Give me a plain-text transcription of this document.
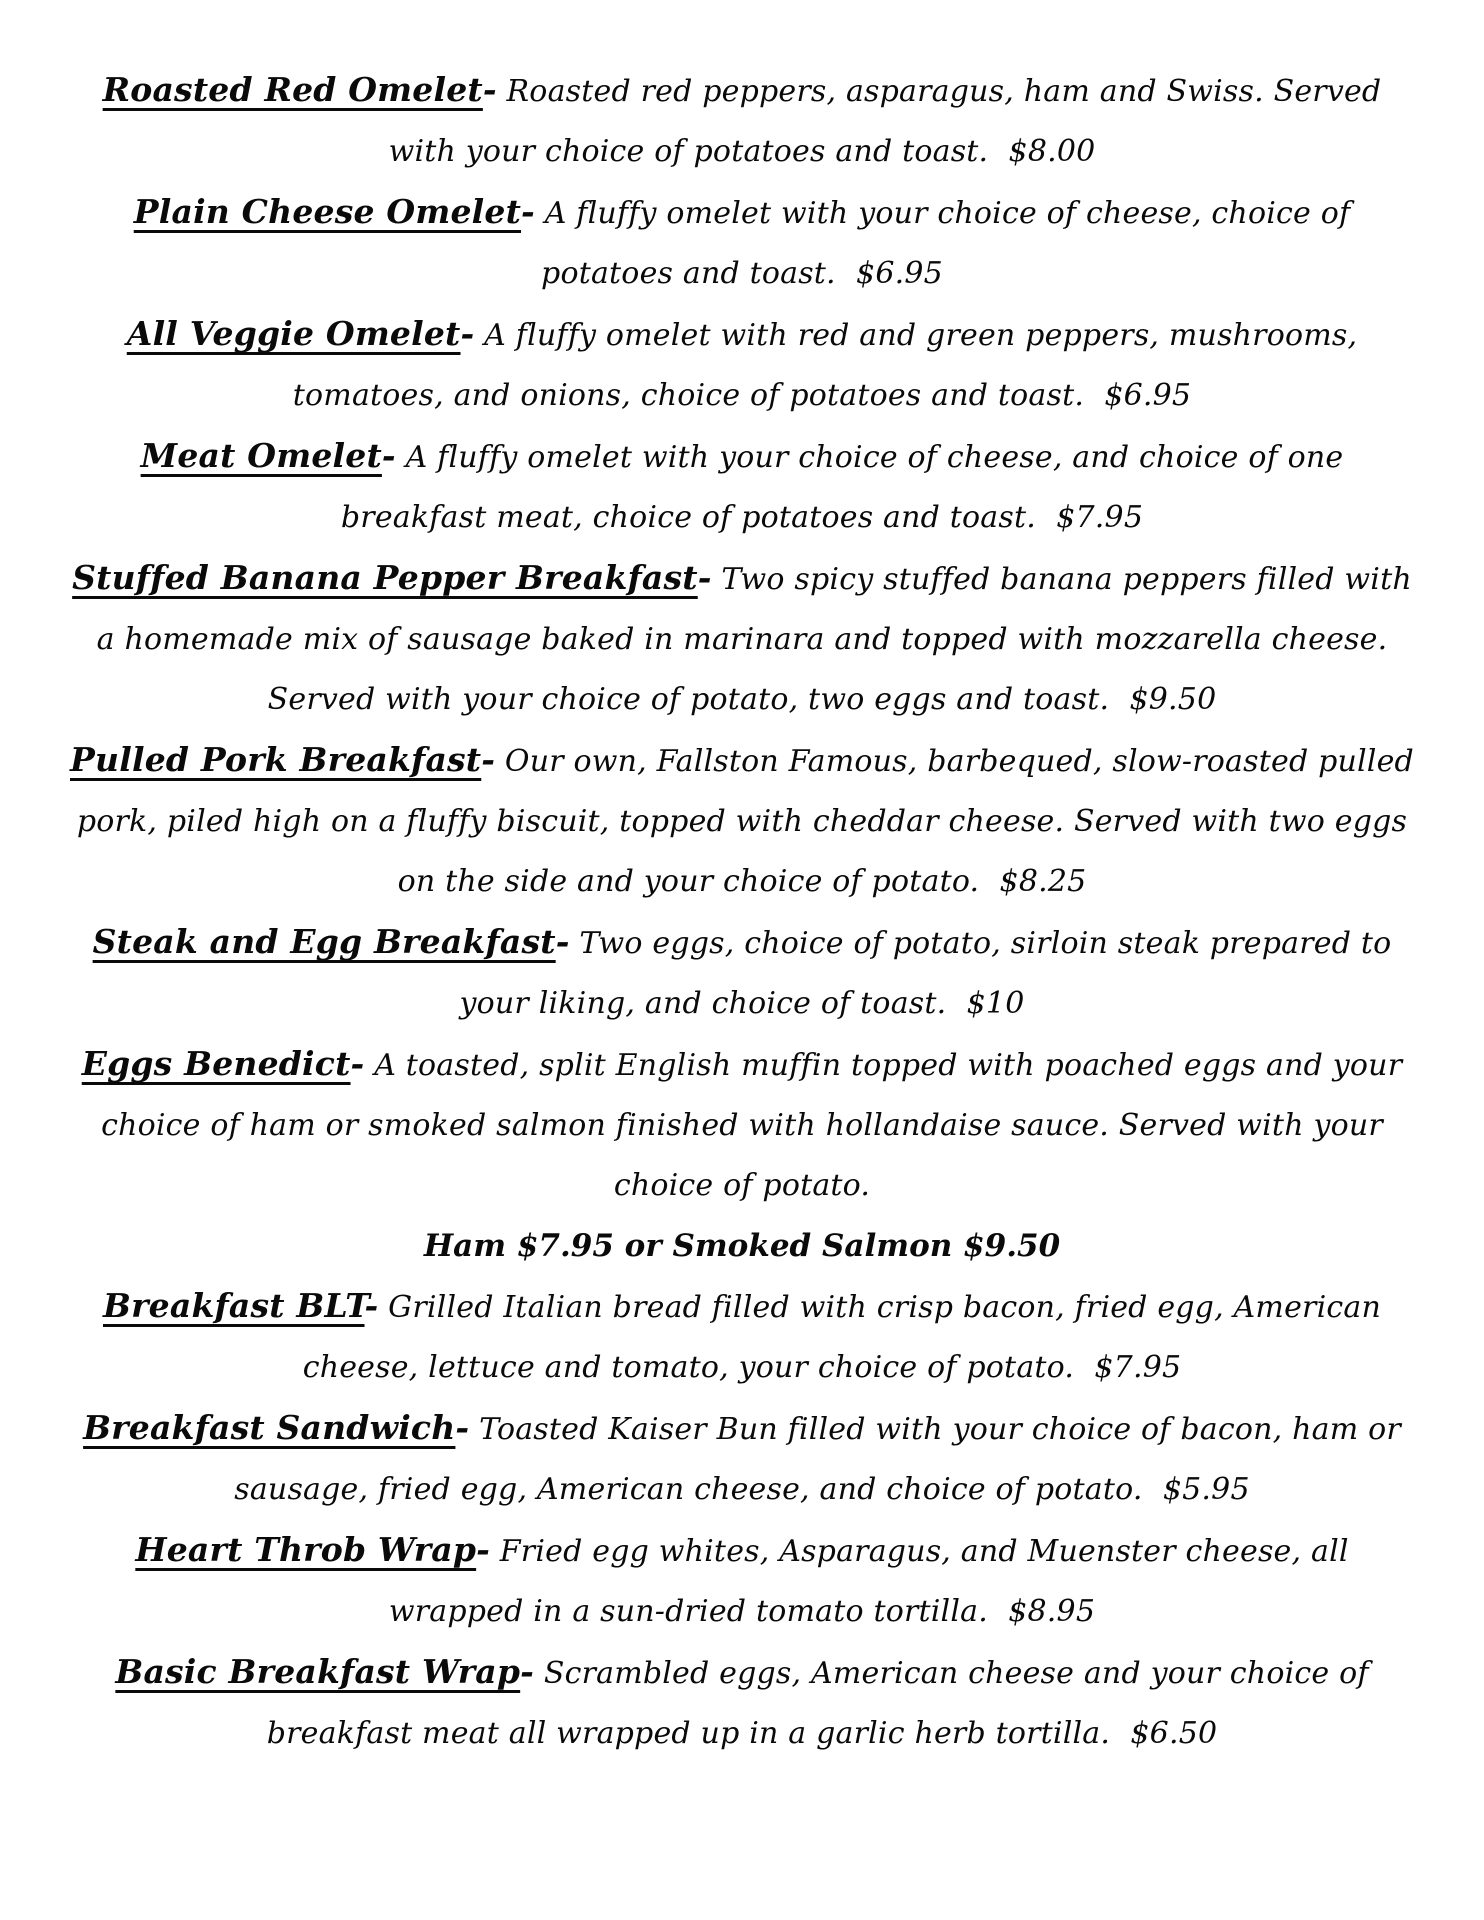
Roasted Red Omelet- Roasted red peppers, asparagus, ham and Swiss. Served with your choice of potatoes and toast. $8.00

Plain Cheese Omelet- A fluffy omelet with your choice of cheese, choice of potatoes and toast. $6.95

All Veggie Omelet- A fluffy omelet with red and green peppers, mushrooms, tomatoes, and onions, choice of potatoes and toast. $6.95

Meat Omelet- A fluffy omelet with your choice of cheese, and choice of one breakfast meat, choice of potatoes and toast. $7.95

Stuffed Banana Pepper Breakfast- Two spicy stuffed banana peppers filled with a homemade mix of sausage baked in marinara and topped with mozzarella cheese. Served with your choice of potato, two eggs and toast. $9.50

Pulled Pork Breakfast- Our own, Fallston Famous, barbequed, slow-roasted pulled pork, piled high on a fluffy biscuit, topped with cheddar cheese. Served with two eggs on the side and your choice of potato. $8.25

Steak and Egg Breakfast- Two eggs, choice of potato, sirloin steak prepared to your liking, and choice of toast. $10

Eggs Benedict- A toasted, split English muffin topped with poached eggs and your choice of ham or smoked salmon finished with hollandaise sauce. Served with your choice of potato.

Ham $7.95 or Smoked Salmon $9.50

Breakfast BLT- Grilled Italian bread filled with crisp bacon, fried egg, American cheese, lettuce and tomato, your choice of potato. $7.95

Breakfast Sandwich- Toasted Kaiser Bun filled with your choice of bacon, ham or sausage, fried egg, American cheese, and choice of potato. $5.95

Heart Throb Wrap- Fried egg whites, Asparagus, and Muenster cheese, all wrapped in a sun-dried tomato tortilla. $8.95

Basic Breakfast Wrap- Scrambled eggs, American cheese and your choice of breakfast meat all wrapped up in a garlic herb tortilla. $6.50
